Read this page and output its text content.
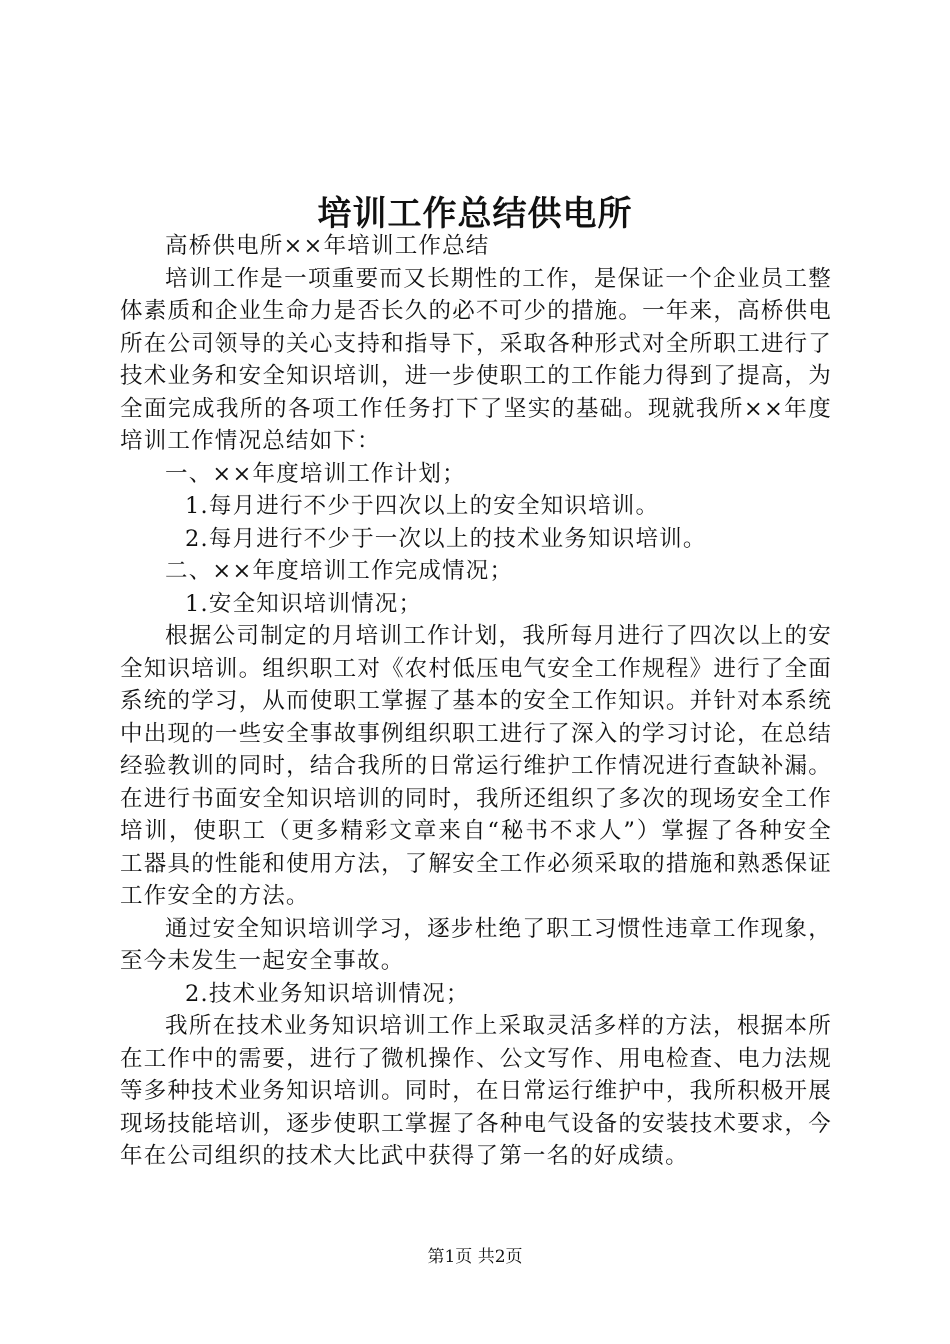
培训工作总结供电所

高桥供电所××年培训工作总结

培训工作是一项重要而又长期性的工作，是保证一个企业员工整体素质和企业生命力是否长久的必不可少的措施。一年来，高桥供电所在公司领导的关心支持和指导下，采取各种形式对全所职工进行了技术业务和安全知识培训，进一步使职工的工作能力得到了提高，为全面完成我所的各项工作任务打下了坚实的基础。现就我所××年度培训工作情况总结如下：

一、××年度培训工作计划；

1.每月进行不少于四次以上的安全知识培训。

2.每月进行不少于一次以上的技术业务知识培训。

二、××年度培训工作完成情况；

1.安全知识培训情况；

根据公司制定的月培训工作计划，我所每月进行了四次以上的安全知识培训。组织职工对《农村低压电气安全工作规程》进行了全面系统的学习，从而使职工掌握了基本的安全工作知识。并针对本系统中出现的一些安全事故事例组织职工进行了深入的学习讨论，在总结经验教训的同时，结合我所的日常运行维护工作情况进行查缺补漏。在进行书面安全知识培训的同时，我所还组织了多次的现场安全工作培训，使职工（更多精彩文章来自“秘书不求人”）掌握了各种安全工器具的性能和使用方法，了解安全工作必须采取的措施和熟悉保证工作安全的方法。

通过安全知识培训学习，逐步杜绝了职工习惯性违章工作现象，至今未发生一起安全事故。

2.技术业务知识培训情况；

我所在技术业务知识培训工作上采取灵活多样的方法，根据本所在工作中的需要，进行了微机操作、公文写作、用电检查、电力法规等多种技术业务知识培训。同时，在日常运行维护中，我所积极开展现场技能培训，逐步使职工掌握了各种电气设备的安装技术要求，今年在公司组织的技术大比武中获得了第一名的好成绩。

第1页 共2页
